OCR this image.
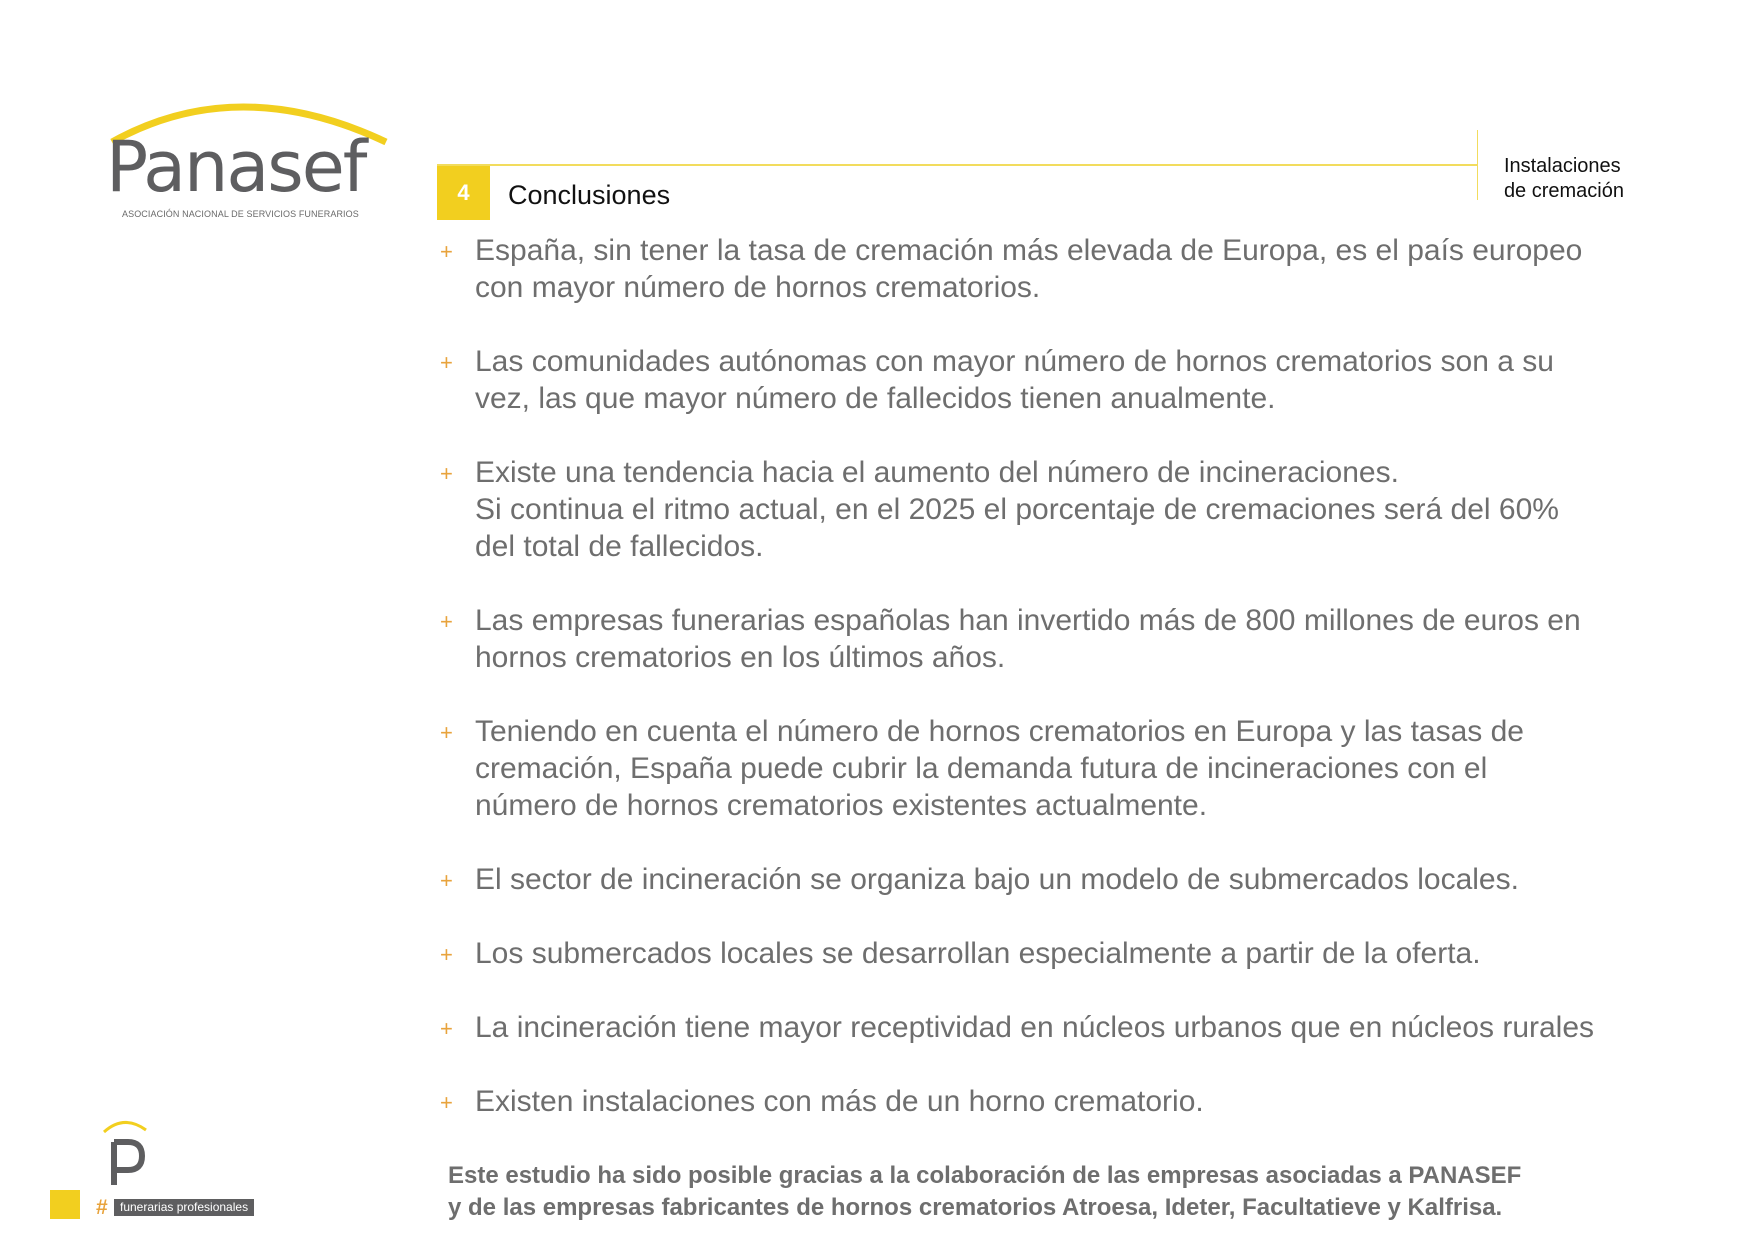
Panasef
ASOCIACIÓN NACIONAL DE SERVICIOS FUNERARIOS
Instalaciones
de cremación
4	Conclusiones
+ España, sin tener la tasa de cremación más elevada de Europa, es el país europeo
con mayor número de hornos crematorios.
+ Las comunidades autónomas con mayor número de hornos crematorios son a su
vez, las que mayor número de fallecidos tienen anualmente.
+ Existe una tendencia hacia el aumento del número de incineraciones.
Si continua el ritmo actual, en el 2025 el porcentaje de cremaciones será del 60%
del total de fallecidos.
+ Las empresas funerarias españolas han invertido más de 800 millones de euros en
hornos crematorios en los últimos años.
+ Teniendo en cuenta el número de hornos crematorios en Europa y las tasas de
cremación, España puede cubrir la demanda futura de incineraciones con el
número de hornos crematorios existentes actualmente.
+ El sector de incineración se organiza bajo un modelo de submercados locales.
+ Los submercados locales se desarrollan especialmente a partir de la oferta.
+ La incineración tiene mayor receptividad en núcleos urbanos que en núcleos rurales
+ Existen instalaciones con más de un horno crematorio.
Este estudio ha sido posible gracias a la colaboración de las empresas asociadas a PANASEF
y de las empresas fabricantes de hornos crematorios Atroesa, Ideter, Facultatieve y Kalfrisa.
#	funerarias profesionales
